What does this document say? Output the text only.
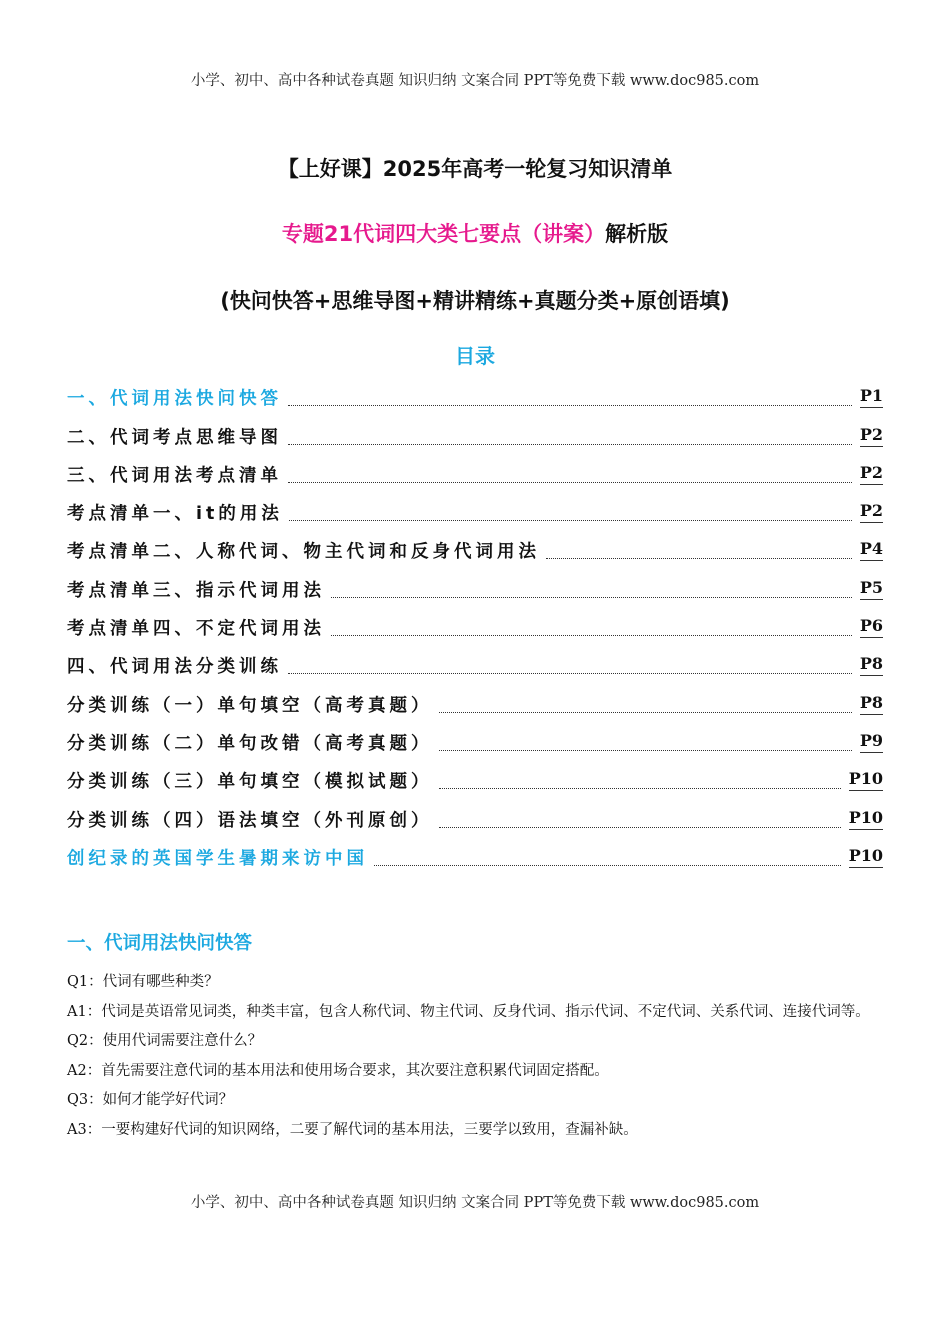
小学、初中、高中各种试卷真题 知识归纳 文案合同 PPT等免费下载 www.doc985.com
【上好课】2025年高考一轮复习知识清单
专题21代词四大类七要点（讲案）解析版
(快问快答+思维导图+精讲精练+真题分类+原创语填)
目录
一、代词用法快问快答	P1
二、代词考点思维导图	P2
三、代词用法考点清单	P2
考点清单一、it的用法	P2
考点清单二、人称代词、物主代词和反身代词用法	P4
考点清单三、指示代词用法	P5
考点清单四、不定代词用法	P6
四、代词用法分类训练	P8
分类训练（一）单句填空（高考真题）	P8
分类训练（二）单句改错（高考真题）	P9
分类训练（三）单句填空（模拟试题）	P10
分类训练（四）语法填空（外刊原创）	P10
创纪录的英国学生暑期来访中国	P10
一、代词用法快问快答

Q1：代词有哪些种类？

A1：代词是英语常见词类，种类丰富，包含人称代词、物主代词、反身代词、指示代词、不定代词、关系代词、连接代词等。

Q2：使用代词需要注意什么？

A2：首先需要注意代词的基本用法和使用场合要求，其次要注意积累代词固定搭配。

Q3：如何才能学好代词？

A3：一要构建好代词的知识网络，二要了解代词的基本用法，三要学以致用，查漏补缺。

小学、初中、高中各种试卷真题 知识归纳 文案合同 PPT等免费下载 www.doc985.com
